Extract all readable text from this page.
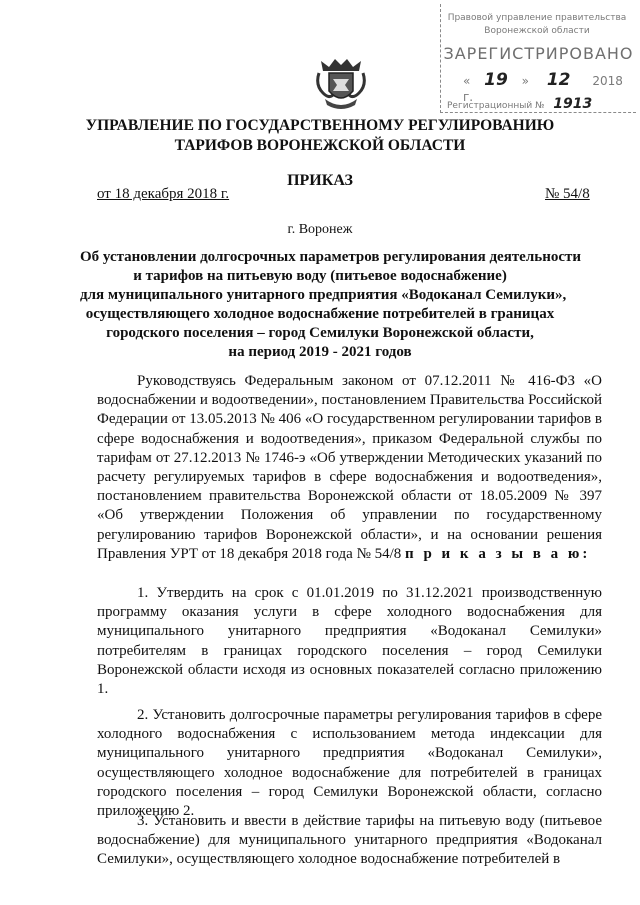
Правовой управление правительства
Воронежской области
ЗАРЕГИСТРИРОВАНО
« 19 » 12 2018 г.
Регистрационный № 1913
УПРАВЛЕНИЕ ПО ГОСУДАРСТВЕННОМУ РЕГУЛИРОВАНИЮ
ТАРИФОВ ВОРОНЕЖСКОЙ ОБЛАСТИ
ПРИКАЗ
от 18 декабря 2018 г.	№ 54/8
г. Воронеж
Об установлении долгосрочных параметров регулирования деятельности
и тарифов на питьевую воду (питьевое водоснабжение)
для муниципального унитарного предприятия «Водоканал Семилуки»,
осуществляющего холодное водоснабжение потребителей в границах
городского поселения – город Семилуки Воронежской области,
на период 2019 - 2021 годов

Руководствуясь Федеральным законом от 07.12.2011 № 416-ФЗ «О водоснабжении и водоотведении», постановлением Правительства Российской Федерации от 13.05.2013 № 406 «О государственном регулировании тарифов в сфере водоснабжения и водоотведения», приказом Федеральной службы по тарифам от 27.12.2013 № 1746-э «Об утверждении Методических указаний по расчету регулируемых тарифов в сфере водоснабжения и водоотведения», постановлением правительства Воронежской области от 18.05.2009 № 397 «Об утверждении Положения об управлении по государственному регулированию тарифов Воронежской области», и на основании решения Правления УРТ от 18 декабря 2018 года № 54/8 п р и к а з ы в а ю:

1. Утвердить на срок с 01.01.2019 по 31.12.2021 производственную программу оказания услуги в сфере холодного водоснабжения для муниципального унитарного предприятия «Водоканал Семилуки» потребителям в границах городского поселения – город Семилуки Воронежской области исходя из основных показателей согласно приложению 1.

2. Установить долгосрочные параметры регулирования тарифов в сфере холодного водоснабжения с использованием метода индексации для муниципального унитарного предприятия «Водоканал Семилуки», осуществляющего холодное водоснабжение для потребителей в границах городского поселения – город Семилуки Воронежской области, согласно приложению 2.

3. Установить и ввести в действие тарифы на питьевую воду (питьевое водоснабжение) для муниципального унитарного предприятия «Водоканал Семилуки», осуществляющего холодное водоснабжение потребителей в
